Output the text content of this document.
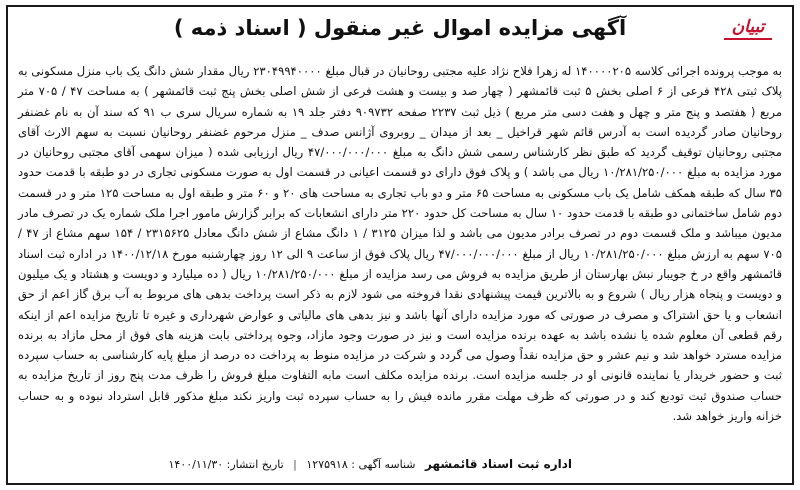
آگهی مزایده اموال غیر منقول ( اسناد ذمه )	تبیان

به موجب پرونده اجرائی کلاسه ۱۴۰۰۰۰۲۰۵ له زهرا فلاح نژاد علیه مجتبی روحانیان در قبال مبلغ ۲۳۰۴۹۹۴۰۰۰۰ ریال مقدار شش دانگ یک باب منزل مسکونی به پلاک ثبتی ۴۲۸ فرعی از ۶ اصلی بخش ۵ ثبت قائمشهر ( چهار صد و بیست و هشت فرعی از شش اصلی بخش پنج ثبت قائمشهر ) به مساحت ۴۷ / ۷۰۵ متر مربع ( هفتصد و پنج متر و چهل و هفت دسی متر مربع ) ذیل ثبت ۲۲۳۷ صفحه ۹۰۹۷۳۲ دفتر جلد ۱۹ به شماره سریال سری ب ۹۱ که سند آن به نام غضنفر روحانیان صادر گردیده است به آدرس قائم شهر قراخیل _ بعد از میدان _ روبروی آژانس صدف _ منزل مرحوم غضنفر روحانیان نسبت به سهم الارث آقای مجتبی روحانیان توقیف گردید که طبق نظر کارشناس رسمی شش دانگ به مبلغ ۴۷/۰۰۰/۰۰۰/۰۰۰ ریال ارزیابی شده ( میزان سهمی آقای مجتبی روحانیان در مورد مزایده به مبلغ ۱۰/۲۸۱/۲۵۰/۰۰۰ ریال می باشد ) و پلاک فوق دارای دو قسمت اعیانی در قسمت اول به صورت مسکونی تجاری در دو طبقه با قدمت حدود ۳۵ سال که طبقه همکف شامل یک باب مسکونی به مساحت ۶۵ متر و دو باب تجاری به مساحت های ۲۰ و ۶۰ متر و طبقه اول به مساحت ۱۲۵ متر و در قسمت دوم شامل ساختمانی دو طبقه با قدمت حدود ۱۰ سال به مساحت کل حدود ۲۲۰ متر دارای انشعابات که برابر گزارش مامور اجرا ملک شماره یک در تصرف مادر مدیون میباشد و ملک قسمت دوم در تصرف برادر مدیون می باشد و لذا میزان ۳۱۲۵ / ۱ دانگ مشاع از شش دانگ معادل ۲۳۱۵۶۲۵ / ۱۵۴ سهم مشاع از ۴۷ / ۷۰۵ سهم به ارزش مبلغ ۱۰/۲۸۱/۲۵۰/۰۰۰ ریال از مبلغ ۴۷/۰۰۰/۰۰۰/۰۰۰ ریال پلاک فوق از ساعت ۹ الی ۱۲ روز چهارشنبه مورخ ۱۴۰۰/۱۲/۱۸ در اداره ثبت اسناد قائمشهر واقع در خ جویبار نبش بهارستان از طریق مزایده به فروش می رسد مزایده از مبلغ ۱۰/۲۸۱/۲۵۰/۰۰۰ ریال ( ده میلیارد و دویست و هشتاد و یک میلیون و دویست و پنجاه هزار ریال ) شروع و به بالاترین قیمت پیشنهادی نقدا فروخته می شود لازم به ذکر است پرداخت بدهی های مربوط به آب برق گاز اعم از حق انشعاب و یا حق اشتراک و مصرف در صورتی که مورد مزایده دارای آنها باشد و نیز بدهی های مالیاتی و عوارض شهرداری و غیره تا تاریخ مزایده اعم از اینکه رقم قطعی آن معلوم شده یا نشده باشد به عهده برنده مزایده است و نیز در صورت وجود مازاد، وجوه پرداختی بابت هزینه های فوق از محل مازاد به برنده مزایده مسترد خواهد شد و نیم عشر و حق مزایده نقداً وصول می گردد و شرکت در مزایده منوط به پرداخت ده درصد از مبلغ پایه کارشناسی به حساب سپرده ثبت و حضور خریدار یا نماینده قانونی او در جلسه مزایده است. برنده مزایده مکلف است مابه التفاوت مبلغ فروش را ظرف مدت پنج روز از تاریخ مزایده به حساب صندوق ثبت تودیع کند و در صورتی که ظرف مهلت مقرر مانده فیش را به حساب سپرده ثبت واریز نکند مبلغ مذکور قابل استرداد نبوده و به حساب خزانه واریز خواهد شد.

اداره ثبت اسناد قائمشهر شناسه آگهی : ۱۲۷۵۹۱۸ | تاریخ انتشار: ۱۴۰۰/۱۱/۳۰
